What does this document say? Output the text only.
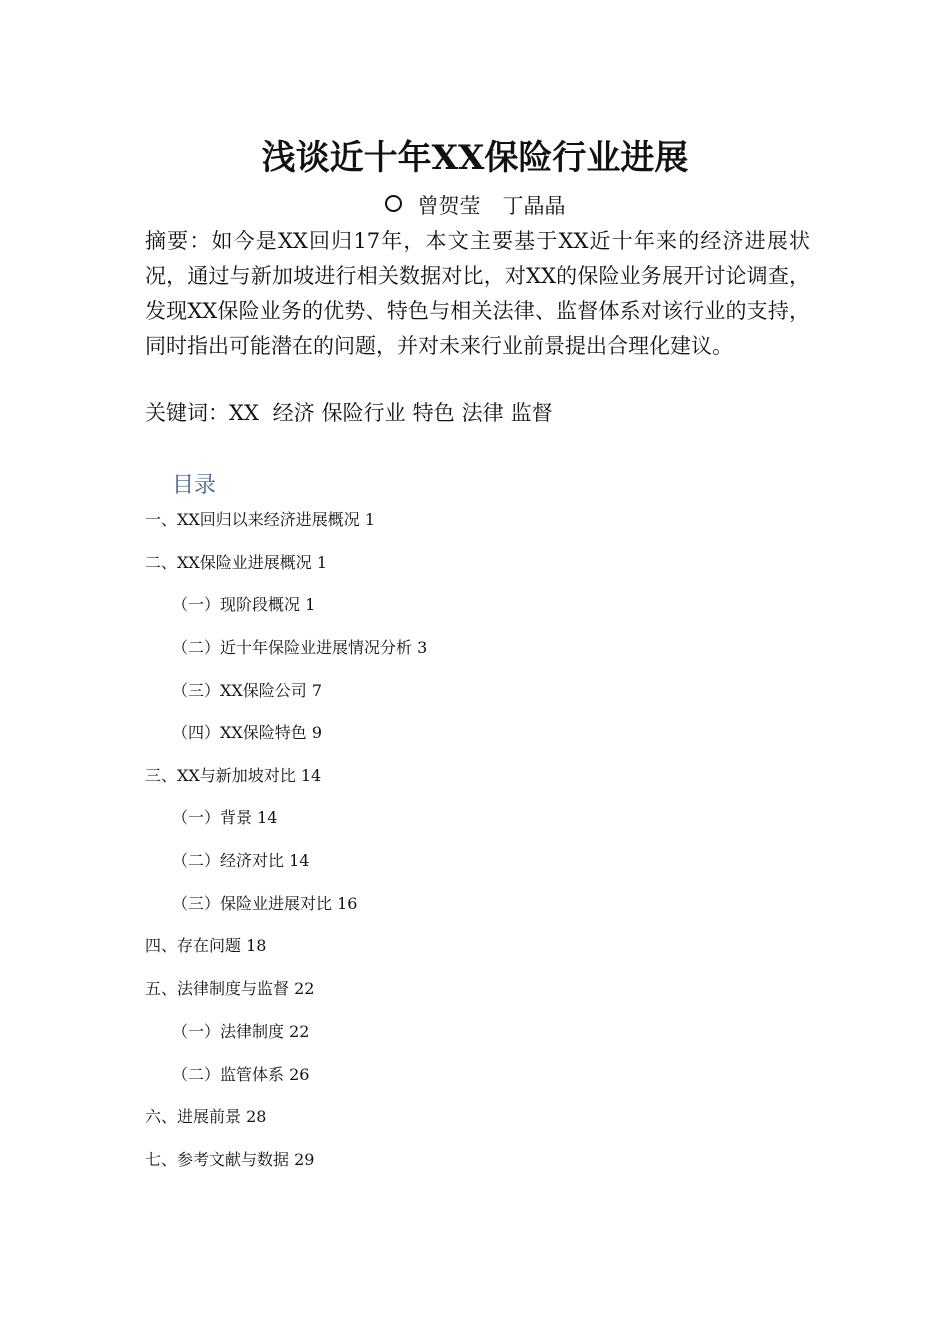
浅谈近十年XX保险行业进展
曾贺莹 丁晶晶
摘要：如今是XX回归17年，本文主要基于XX近十年来的经济进展状况，通过与新加坡进行相关数据对比，对XX的保险业务展开讨论调查，发现XX保险业务的优势、特色与相关法律、监督体系对该行业的支持，同时指出可能潜在的问题，并对未来行业前景提出合理化建议。
关键词：XX 经济 保险行业 特色 法律 监督
目录
一、XX回归以来经济进展概况 1
二、XX保险业进展概况 1
（一）现阶段概况 1
（二）近十年保险业进展情况分析 3
（三）XX保险公司 7
（四）XX保险特色 9
三、XX与新加坡对比 14
（一）背景 14
（二）经济对比 14
（三）保险业进展对比 16
四、存在问题 18
五、法律制度与监督 22
（一）法律制度 22
（二）监管体系 26
六、进展前景 28
七、参考文献与数据 29
